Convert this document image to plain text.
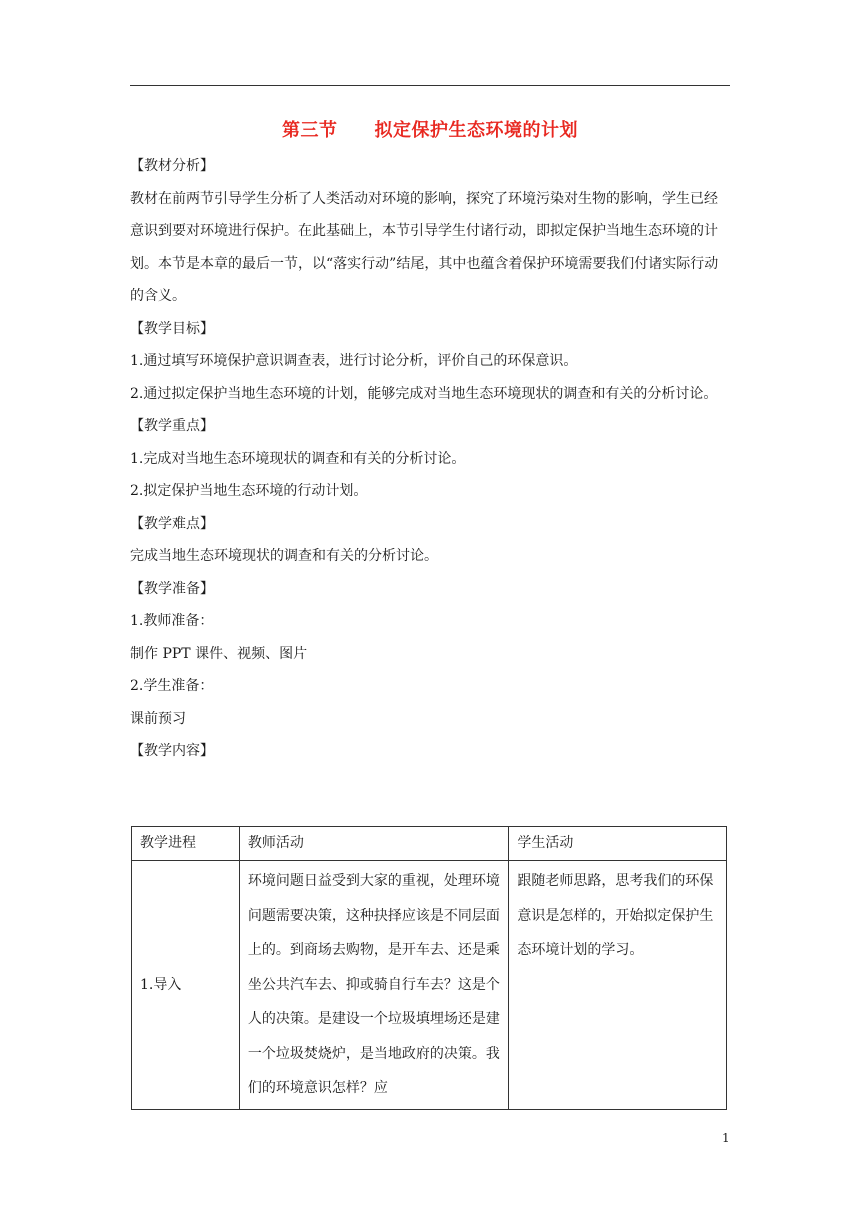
第三节　　拟定保护生态环境的计划

【教材分析】

教材在前两节引导学生分析了人类活动对环境的影响，探究了环境污染对生物的影响，学生已经意识到要对环境进行保护。在此基础上，本节引导学生付诸行动，即拟定保护当地生态环境的计划。本节是本章的最后一节，以“落实行动”结尾，其中也蕴含着保护环境需要我们付诸实际行动的含义。

【教学目标】

1.通过填写环境保护意识调查表，进行讨论分析，评价自己的环保意识。

2.通过拟定保护当地生态环境的计划，能够完成对当地生态环境现状的调查和有关的分析讨论。

【教学重点】

1.完成对当地生态环境现状的调查和有关的分析讨论。

2.拟定保护当地生态环境的行动计划。

【教学难点】

完成当地生态环境现状的调查和有关的分析讨论。

【教学准备】

1.教师准备：

制作 PPT 课件、视频、图片

2.学生准备：

课前预习

【教学内容】

教学进程	教师活动	学生活动
1.导入	环境问题日益受到大家的重视，处理环境问题需要决策，这种抉择应该是不同层面上的。到商场去购物，是开车去、还是乘坐公共汽车去、抑或骑自行车去？这是个人的决策。是建设一个垃圾填埋场还是建一个垃圾焚烧炉，是当地政府的决策。我们的环境意识怎样？应	跟随老师思路，思考我们的环保意识是怎样的，开始拟定保护生态环境计划的学习。
1
